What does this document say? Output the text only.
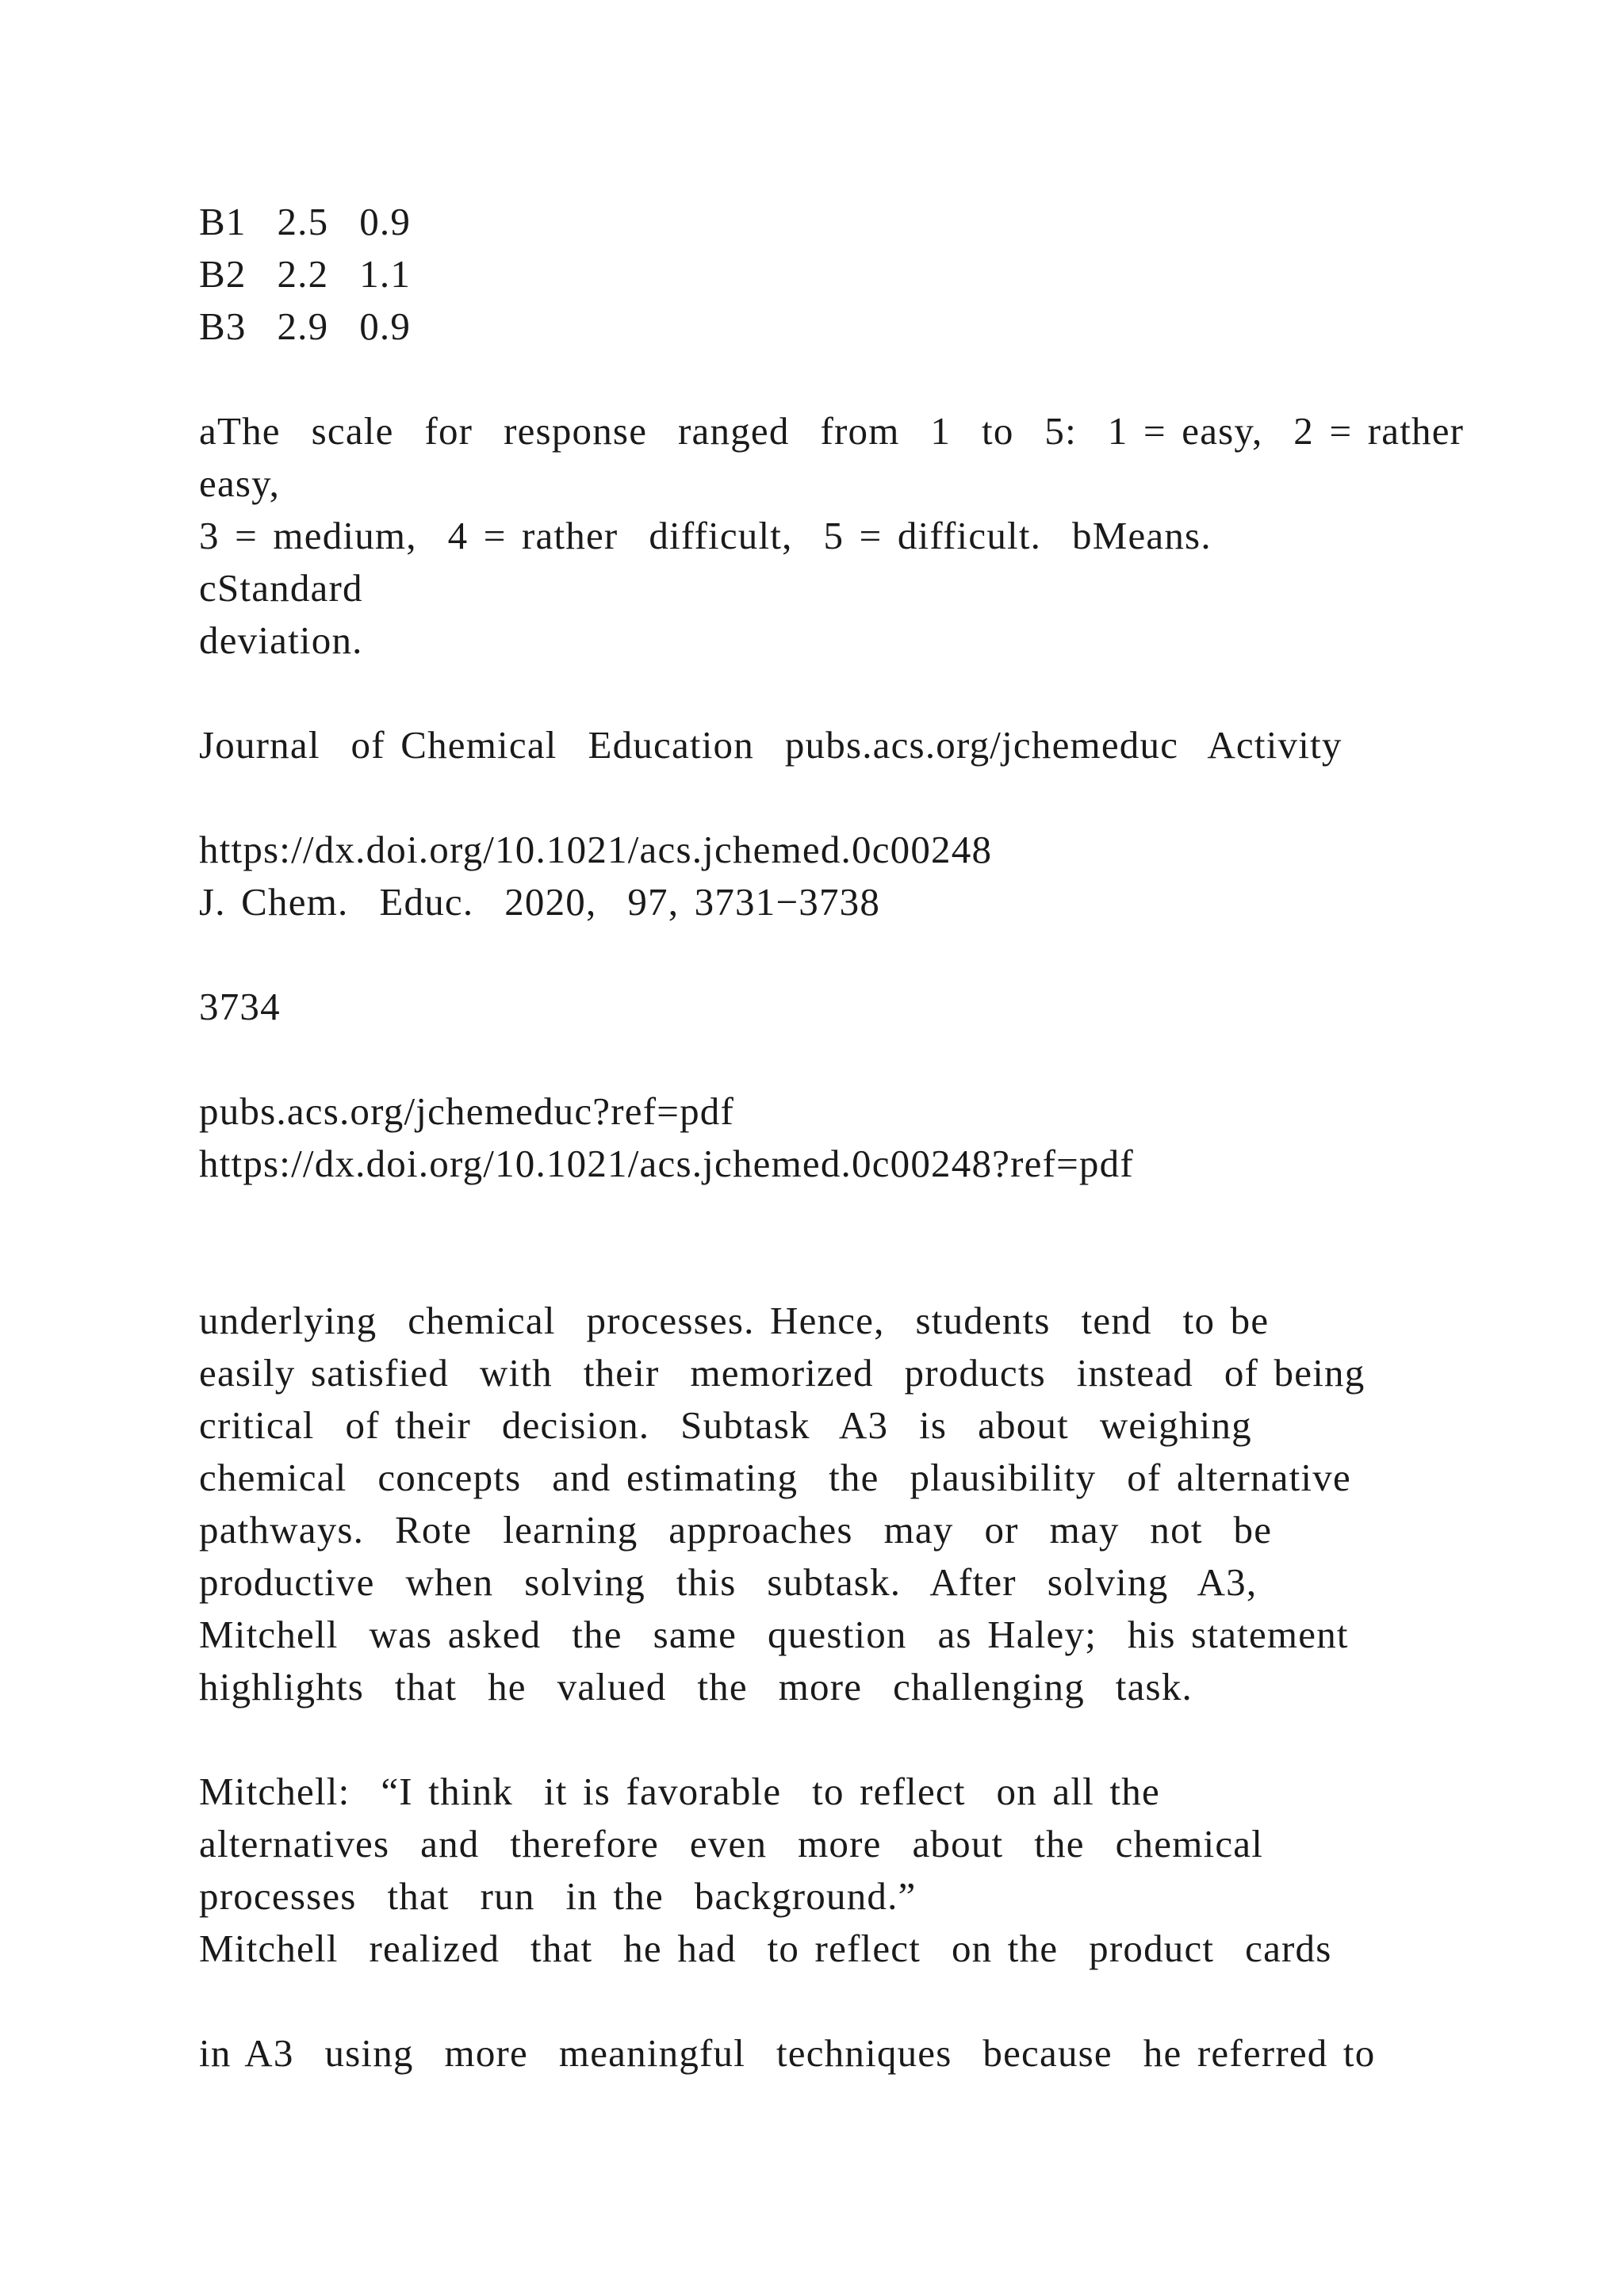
B1  2.5  0.9
B2  2.2  1.1
B3  2.9  0.9
aThe  scale  for  response  ranged  from  1  to  5:  1 = easy,  2 = rather
easy,
3 = medium,  4 = rather  difficult,  5 = difficult.  bMeans.
cStandard
deviation.
Journal  of Chemical  Education  pubs.acs.org/jchemeduc  Activity
https://dx.doi.org/10.1021/acs.jchemed.0c00248
J. Chem.  Educ.  2020,  97, 3731−3738
3734
pubs.acs.org/jchemeduc?ref=pdf
https://dx.doi.org/10.1021/acs.jchemed.0c00248?ref=pdf
underlying  chemical  processes. Hence,  students  tend  to be
easily satisfied  with  their  memorized  products  instead  of being
critical  of their  decision.  Subtask  A3  is  about  weighing
chemical  concepts  and estimating  the  plausibility  of alternative
pathways.  Rote  learning  approaches  may  or  may  not  be
productive  when  solving  this  subtask.  After  solving  A3,
Mitchell  was asked  the  same  question  as Haley;  his statement
highlights  that  he  valued  the  more  challenging  task.
Mitchell:  “I think  it is favorable  to reflect  on all the
alternatives  and  therefore  even  more  about  the  chemical
processes  that  run  in the  background.”
Mitchell  realized  that  he had  to reflect  on the  product  cards
in A3  using  more  meaningful  techniques  because  he referred to
